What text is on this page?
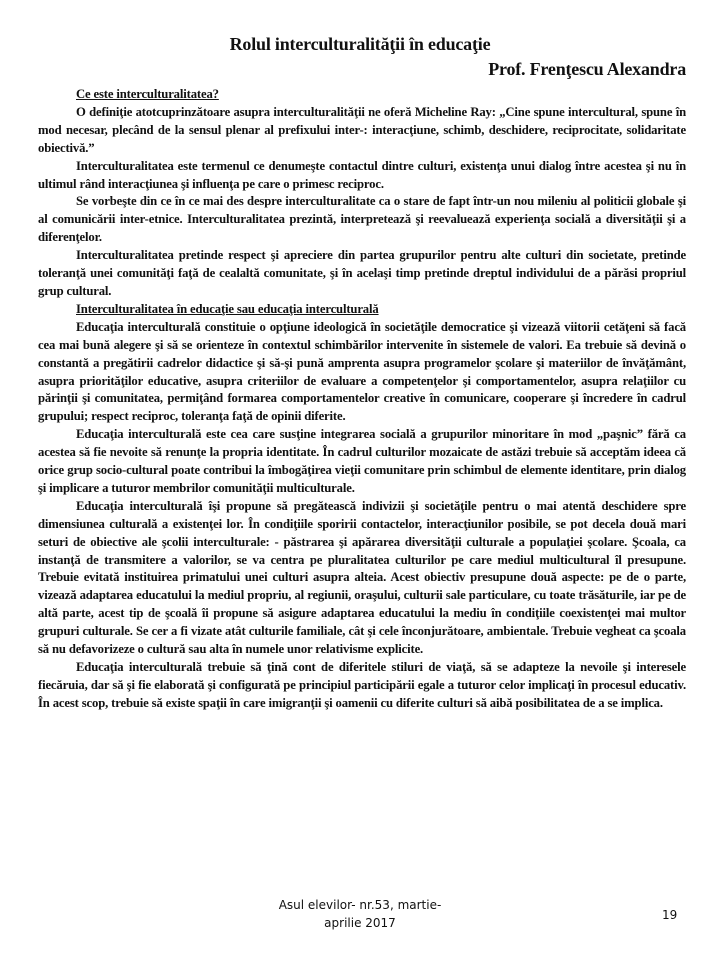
Rolul interculturalităţii în educaţie
Prof. Frenţescu Alexandra

Ce este interculturalitatea?

O definiţie atotcuprinzătoare asupra interculturalităţii ne oferă Micheline Ray: „Cine spune intercultural, spune în mod necesar, plecând de la sensul plenar al prefixului inter-: interacţiune, schimb, deschidere, reciprocitate, solidaritate obiectivă.”

Interculturalitatea este termenul ce denumeşte contactul dintre culturi, existenţa unui dialog între acestea şi nu în ultimul rând interacţiunea şi influenţa pe care o primesc reciproc.

Se vorbeşte din ce în ce mai des despre interculturalitate ca o stare de fapt într-un nou mileniu al politicii globale şi al comunicării inter-etnice. Interculturalitatea prezintă, interpretează şi reevaluează experienţa socială a diversităţii şi a diferenţelor.

Interculturalitatea pretinde respect şi apreciere din partea grupurilor pentru alte culturi din societate, pretinde toleranţă unei comunităţi faţă de cealaltă comunitate, şi în acelaşi timp pretinde dreptul individului de a părăsi propriul grup cultural.

Interculturalitatea în educaţie sau educaţia interculturală

Educaţia interculturală constituie o opţiune ideologică în societăţile democratice şi vizează viitorii cetăţeni să facă cea mai bună alegere şi să se orienteze în contextul schimbărilor intervenite în sistemele de valori. Ea trebuie să devină o constantă a pregătirii cadrelor didactice şi să-şi pună amprenta asupra programelor şcolare şi materiilor de învăţământ, asupra priorităţilor educative, asupra criteriilor de evaluare a competenţelor şi comportamentelor, asupra relaţiilor cu părinţii şi comunitatea, permiţând formarea comportamentelor creative în comunicare, cooperare şi încredere în cadrul grupului; respect reciproc, toleranţa faţă de opinii diferite.

Educaţia interculturală este cea care susţine integrarea socială a grupurilor minoritare în mod „paşnic” fără ca acestea să fie nevoite să renunţe la propria identitate. În cadrul culturilor mozaicate de astăzi trebuie să acceptăm ideea că orice grup socio-cultural poate contribui la îmbogăţirea vieţii comunitare prin schimbul de elemente identitare, prin dialog şi implicare a tuturor membrilor comunităţii multiculturale.

Educaţia interculturală îşi propune să pregătească indivizii şi societăţile pentru o mai atentă deschidere spre dimensiunea culturală a existenţei lor. În condiţiile sporirii contactelor, interacţiunilor posibile, se pot decela două mari seturi de obiective ale şcolii interculturale: - păstrarea şi apărarea diversităţii culturale a populaţiei şcolare. Şcoala, ca instanţă de transmitere a valorilor, se va centra pe pluralitatea culturilor pe care mediul multicultural îl presupune. Trebuie evitată instituirea primatului unei culturi asupra alteia. Acest obiectiv presupune două aspecte: pe de o parte, vizează adaptarea educatului la mediul propriu, al regiunii, oraşului, culturii sale particulare, cu toate trăsăturile, iar pe de altă parte, acest tip de şcoală îi propune să asigure adaptarea educatului la mediu în condiţiile coexistenţei mai multor grupuri culturale. Se cer a fi vizate atât culturile familiale, cât şi cele înconjurătoare, ambientale. Trebuie vegheat ca şcoala să nu defavorizeze o cultură sau alta în numele unor relativisme explicite.

Educaţia interculturală trebuie să ţină cont de diferitele stiluri de viaţă, să se adapteze la nevoile şi interesele fiecăruia, dar să şi fie elaborată şi configurată pe principiul participării egale a tuturor celor implicaţi în procesul educativ. În acest scop, trebuie să existe spaţii în care imigranţii şi oamenii cu diferite culturi să aibă posibilitatea de a se implica.

Asul elevilor- nr.53, martie-
aprilie 2017
19
